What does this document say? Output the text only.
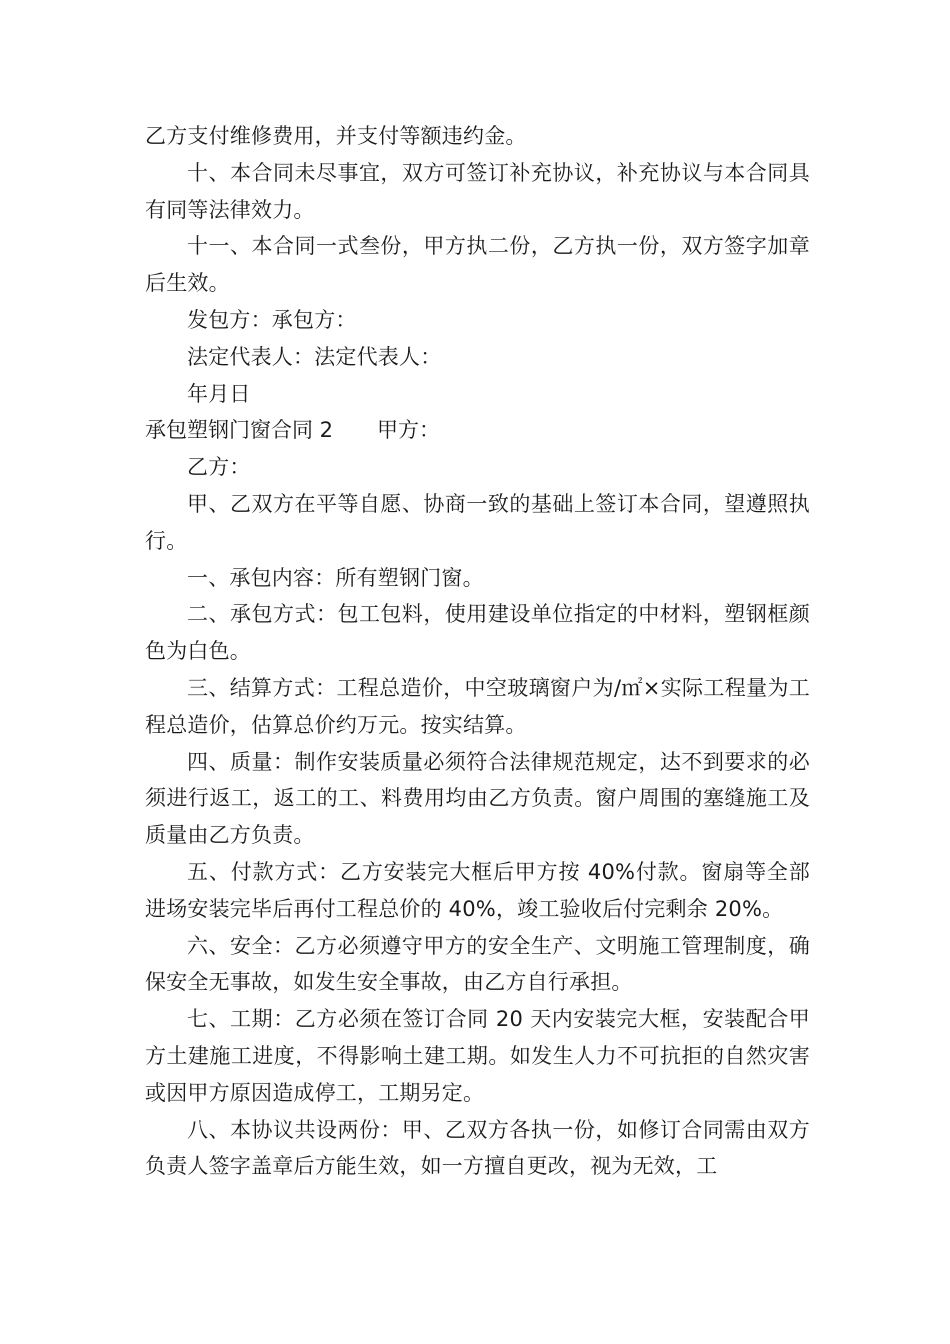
乙方支付维修费用，并支付等额违约金。

十、本合同未尽事宜，双方可签订补充协议，补充协议与本合同具有同等法律效力。

十一、本合同一式叁份，甲方执二份，乙方执一份，双方签字加章后生效。

发包方：承包方：

法定代表人：法定代表人：

年月日

承包塑钢门窗合同 2 甲方：

乙方：

甲、乙双方在平等自愿、协商一致的基础上签订本合同，望遵照执行。

一、承包内容：所有塑钢门窗。

二、承包方式：包工包料，使用建设单位指定的中材料，塑钢框颜色为白色。

三、结算方式：工程总造价，中空玻璃窗户为/㎡×实际工程量为工程总造价，估算总价约万元。按实结算。

四、质量：制作安装质量必须符合法律规范规定，达不到要求的必须进行返工，返工的工、料费用均由乙方负责。窗户周围的塞缝施工及质量由乙方负责。

五、付款方式：乙方安装完大框后甲方按 40%付款。窗扇等全部进场安装完毕后再付工程总价的 40%，竣工验收后付完剩余 20%。

六、安全：乙方必须遵守甲方的安全生产、文明施工管理制度，确保安全无事故，如发生安全事故，由乙方自行承担。

七、工期：乙方必须在签订合同 20 天内安装完大框，安装配合甲方土建施工进度，不得影响土建工期。如发生人力不可抗拒的自然灾害或因甲方原因造成停工，工期另定。

八、本协议共设两份：甲、乙双方各执一份，如修订合同需由双方负责人签字盖章后方能生效，如一方擅自更改，视为无效，工
